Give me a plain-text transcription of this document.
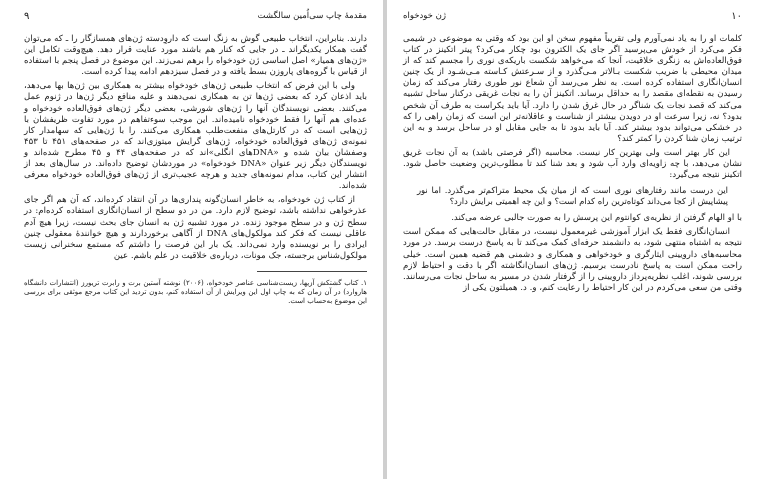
مقدمهٔ چاپ سی‌اُمین سالگشت
۹

دارند. بنابراین، انتخاب طبیعی گوش به زنگ است که داروِدسته ژن‌های همسازگار را ـ که می‌توان گفت همکار یکدیگراند ـ در جایی که کنار هم باشند مورد عنایت قرار دهد. هیچ‌وقت تکامل این «ژن‌های همیار» اصل اساسی ژن خودخواه را برهم نمی‌زند. این موضوع در فصل پنجم با استفاده از قیاس با گروه‌های پاروزن بسط یافته و در فصل سیزدهم ادامه پیدا کرده است.

ولی با این فرض که انتخاب طبیعی ژن‌های خودخواه بیشتر به همکاری بین ژن‌ها بها می‌دهد، باید اذعان کرد که بعضی ژن‌ها تن به همکاری نمی‌دهند و علیه منافع دیگر ژن‌ها در ژنوم عمل می‌کنند. بعضی نویسندگان آنها را ژن‌های شورشی، بعضی دیگر ژن‌های فوق‌العاده خودخواه و عده‌ای هم آنها را فقط خودخواه نامیده‌اند. این موجب سوءتفاهم در مورد تفاوت ظریفشان با ژن‌هایی است که در کارتل‌های منفعت‌طلب همکاری می‌کنند. را با ژن‌هایی که سهامدار کار نمونه‌ی ژن‌های فوق‌العاده خودخواه، ژن‌های گرایش میتوزی‌اند که در صفحه‌های ۴۵۱ تا ۴۵۳ وصفشان بیان شده و «DNAهای انگلی»اند که در صفحه‌های ۴۴ و ۴۵ مطرح شده‌اند و نویسندگان دیگر زیر عنوان «DNA خودخواه» در موردشان توضیح داده‌اند. در سال‌های بعد از انتشار این کتاب، مدام نمونه‌های جدید و هرچه عجیب‌تری از ژن‌های فوق‌العاده خودخواه معرفی شده‌اند.

از کتاب ژن خودخواه، به خاطر انسان‌گونه پنداری‌ها در آن انتقاد کرده‌اند، که آن هم اگر جای عذرخواهی نداشته باشد، توضیح لازم دارد. من در دو سطح از انسان‌انگاری استفاده کرده‌ام: در سطح ژن و در سطح موجود زنده. در مورد تشبیه ژن به انسان جای بحث نیست، زیرا هیچ آدم عاقلی نیست که فکر کند مولکول‌های DNA از آگاهی برخوردارند و هیچ خوانندهٔ معقولی چنین ایرادی را بر نویسنده وارد نمی‌داند. یک بار این فرصت را داشتم که مستمع سخنرانی زیست مولکول‌شناس برجسته، جک مونات، درباره‌ی خلاقیت در علم باشم. عین

۱. کتاب گشتکش آزیها، زیست‌شناسی عناصر خودخواه، (۲۰۰۶) نوشته آستین برت و رابرت تریورز (انتشارات دانشگاه هاروارد) در آن زمان که به چاپ اول این ویرایش از آن استفاده کنم، بدون تردید این کتاب مرجع موثقی برای بررسی این موضوع به‌حساب است.

۱۰
ژن خودخواه

کلمات او را به یاد نمی‌آورم ولی تقریباً مفهوم سخن او این بود که وقتی به موضوعی در شیمی فکر می‌کرد از خودش می‌پرسید اگر جای یک الکترون بود چکار می‌کرد؟ پیتر اتکینز در کتاب فوق‌العاده‌اش به زنگری خلاقیت، آنجا که می‌خواهد شکست باریکه‌ی نوری را مجسم کند که از میدان محیطی با ضریب شکست بـالاتر مـی‌گذرد و از سـرعتش کـاسته مـی‌شـود از یک چنین انسان‌انگاری استفاده کرده است. به نظر می‌رسد آن شعاع نور طوری رفتار می‌کند که زمان رسیدن به نقطه‌ای مقصد را به حداقل برساند. اتکینز آن را به نجات غریقی درکنار ساحل تشبیه می‌کند که قصد نجات یک شناگر در حال غرق شدن را دارد. آیا باید یکراست به طرف آن شخص بدود؟ نه، زیرا سرعت او در دویدن بیشتر از شناست و عاقلانه‌تر این است که زمان راهی را که در خشکی می‌تواند بدود بیشتر کند. آیا باید بدود تا به جایی مقابل او در ساحل برسد و به این ترتیب زمان شنا کردن را کمتر کند؟

این کار بهتر است ولی بهترین کار نیست. محاسبه (اگر فرصتی باشد) به آن نجات غریق نشان می‌دهد، با چه زاویه‌ای وارد آب شود و بعد شنا کند تا مطلوب‌ترین وضعیت حاصل شود. اتکینز نتیجه می‌گیرد:

این درست مانند رفتارهای نوری است که از میان یک محیط متراکم‌تر می‌گذرد. اما نور پیشاپیش از کجا می‌داند کوتاه‌ترین راه کدام است؟ و این چه اهمیتی برایش دارد؟

با او الهام گرفتن از نظریه‌ی کوانتوم این پرسش را به صورت جالبی عرضه می‌کند.

انسان‌انگاری فقط یک ابزار آموزشی غیرمعمول نیست، در مقابل حالت‌هایی که ممکن است نتیجه به اشتباه منتهی شود، به دانشمند حرفه‌ای کمک می‌کند تا به پاسخ درست برسد. در مورد محاسبه‌های دارویینی ایثارگری و خودخواهی و همکاری و دشمنی هم قضیه همین است. خیلی راحت ممکن است به پاسخ نادرست برسیم. ژن‌های انسان‌انگاشته اگر با دقت و احتیاط لازم بررسی شوند، اغلب نظریه‌پرداز دارویینی را از گرفتار شدن در مسیر به ساحل نجات می‌رسانند. وقتی من سعی می‌کردم در این کار احتیاط را رعایت کنم، و. د. همیلتون یکی از
